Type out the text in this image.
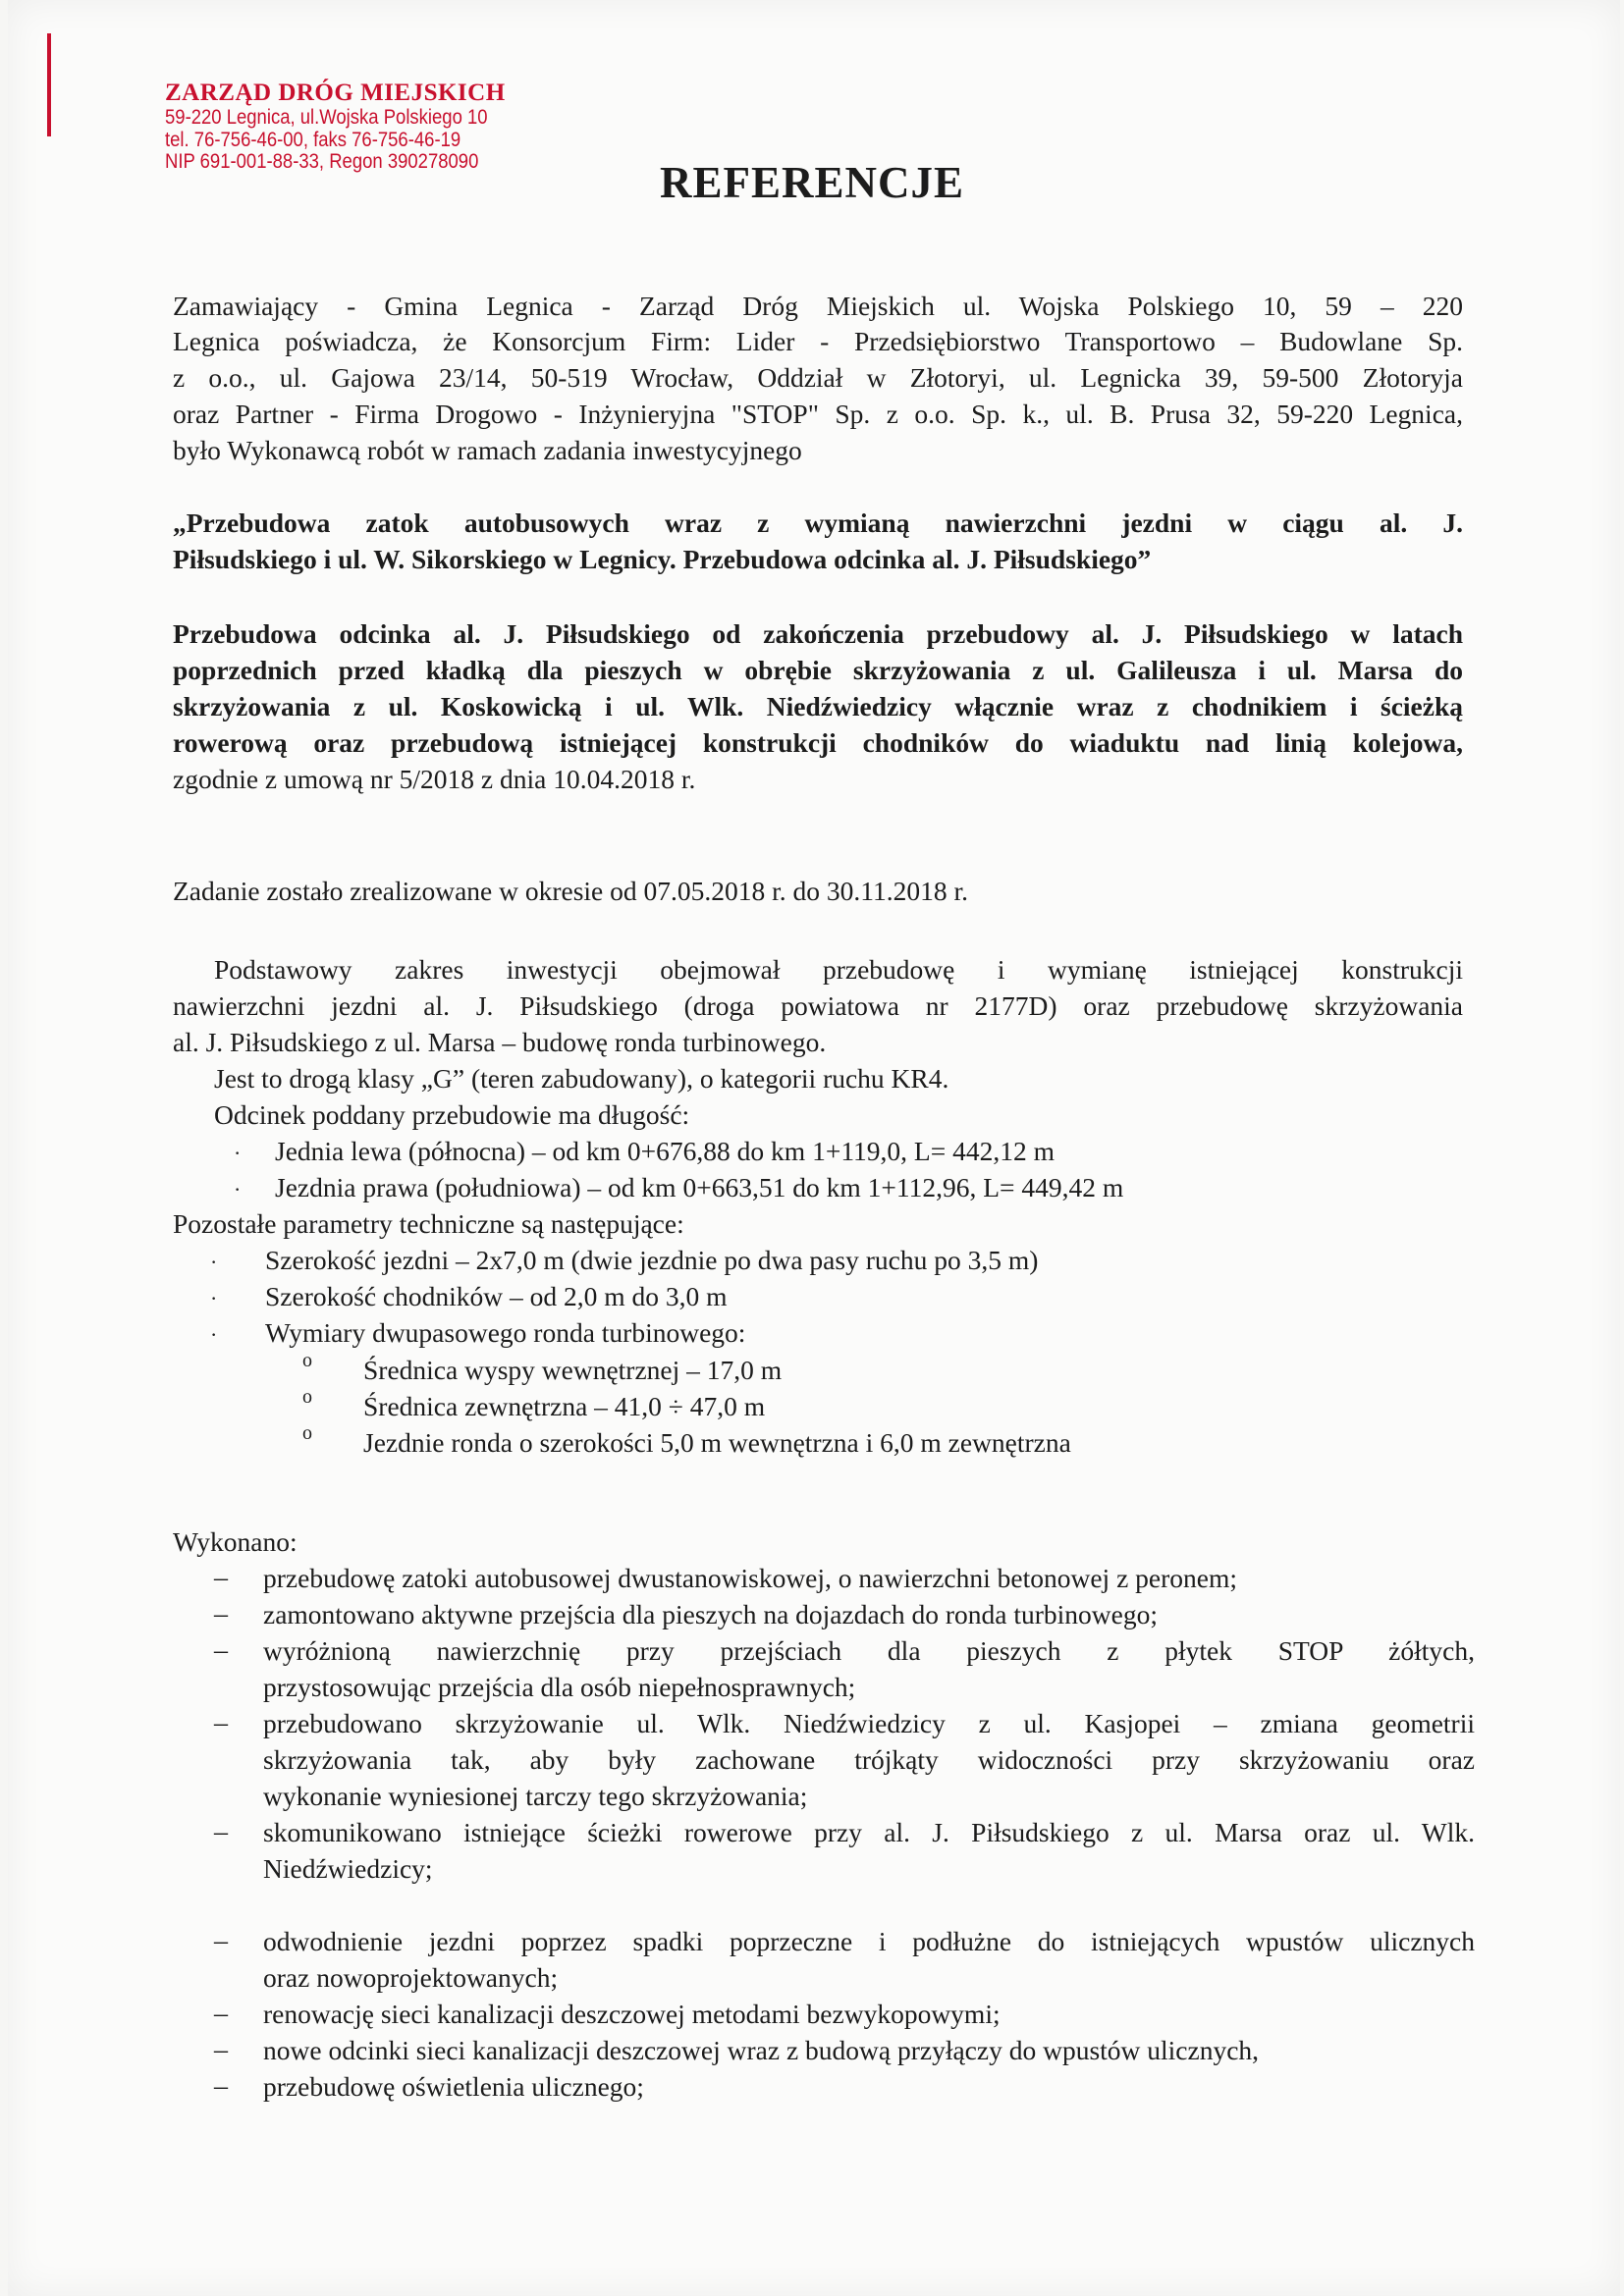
ZARZĄD DRÓG MIEJSKICH
59-220 Legnica, ul.Wojska Polskiego 10
tel. 76-756-46-00, faks 76-756-46-19
NIP 691-001-88-33, Regon 390278090	REFERENCJE
Zamawiający - Gmina Legnica - Zarząd Dróg Miejskich ul. Wojska Polskiego 10, 59 – 220
Legnica poświadcza, że Konsorcjum Firm: Lider - Przedsiębiorstwo Transportowo – Budowlane Sp.
z o.o., ul. Gajowa 23/14, 50-519 Wrocław, Oddział w Złotoryi, ul. Legnicka 39, 59-500 Złotoryja
oraz Partner - Firma Drogowo - Inżynieryjna "STOP" Sp. z o.o. Sp. k., ul. B. Prusa 32, 59-220 Legnica,
było Wykonawcą robót w ramach zadania inwestycyjnego
„Przebudowa zatok autobusowych wraz z wymianą nawierzchni jezdni w ciągu al. J.
Piłsudskiego i ul. W. Sikorskiego w Legnicy. Przebudowa odcinka al. J. Piłsudskiego”
Przebudowa odcinka al. J. Piłsudskiego od zakończenia przebudowy al. J. Piłsudskiego w latach
poprzednich przed kładką dla pieszych w obrębie skrzyżowania z ul. Galileusza i ul. Marsa do
skrzyżowania z ul. Koskowicką i ul. Wlk. Niedźwiedzicy włącznie wraz z chodnikiem i ścieżką
rowerową oraz przebudową istniejącej konstrukcji chodników do wiaduktu nad linią kolejowa,
zgodnie z umową nr 5/2018 z dnia 10.04.2018 r.
Zadanie zostało zrealizowane w okresie od 07.05.2018 r. do 30.11.2018 r.
Podstawowy zakres inwestycji obejmował przebudowę i wymianę istniejącej konstrukcji
nawierzchni jezdni al. J. Piłsudskiego (droga powiatowa nr 2177D) oraz przebudowę skrzyżowania
al. J. Piłsudskiego z ul. Marsa – budowę ronda turbinowego.
Jest to drogą klasy „G” (teren zabudowany), o kategorii ruchu KR4.
Odcinek poddany przebudowie ma długość:
· Jednia lewa (północna) – od km 0+676,88 do km 1+119,0, L= 442,12 m
· Jezdnia prawa (południowa) – od km 0+663,51 do km 1+112,96, L= 449,42 m
Pozostałe parametry techniczne są następujące:
· Szerokość jezdni – 2x7,0 m (dwie jezdnie po dwa pasy ruchu po 3,5 m)
· Szerokość chodników – od 2,0 m do 3,0 m
· Wymiary dwupasowego ronda turbinowego:
o Średnica wyspy wewnętrznej – 17,0 m
o Średnica zewnętrzna – 41,0 ÷ 47,0 m
o Jezdnie ronda o szerokości 5,0 m wewnętrzna i 6,0 m zewnętrzna
Wykonano:
– przebudowę zatoki autobusowej dwustanowiskowej, o nawierzchni betonowej z peronem;
– zamontowano aktywne przejścia dla pieszych na dojazdach do ronda turbinowego;
– wyróżnioną nawierzchnię przy przejściach dla pieszych z płytek STOP żółtych,
przystosowując przejścia dla osób niepełnosprawnych;
– przebudowano skrzyżowanie ul. Wlk. Niedźwiedzicy z ul. Kasjopei – zmiana geometrii
skrzyżowania tak, aby były zachowane trójkąty widoczności przy skrzyżowaniu oraz
wykonanie wyniesionej tarczy tego skrzyżowania;
– skomunikowano istniejące ścieżki rowerowe przy al. J. Piłsudskiego z ul. Marsa oraz ul. Wlk.
Niedźwiedzicy;
– odwodnienie jezdni poprzez spadki poprzeczne i podłużne do istniejących wpustów ulicznych
oraz nowoprojektowanych;
– renowację sieci kanalizacji deszczowej metodami bezwykopowymi;
– nowe odcinki sieci kanalizacji deszczowej wraz z budową przyłączy do wpustów ulicznych,
– przebudowę oświetlenia ulicznego;
